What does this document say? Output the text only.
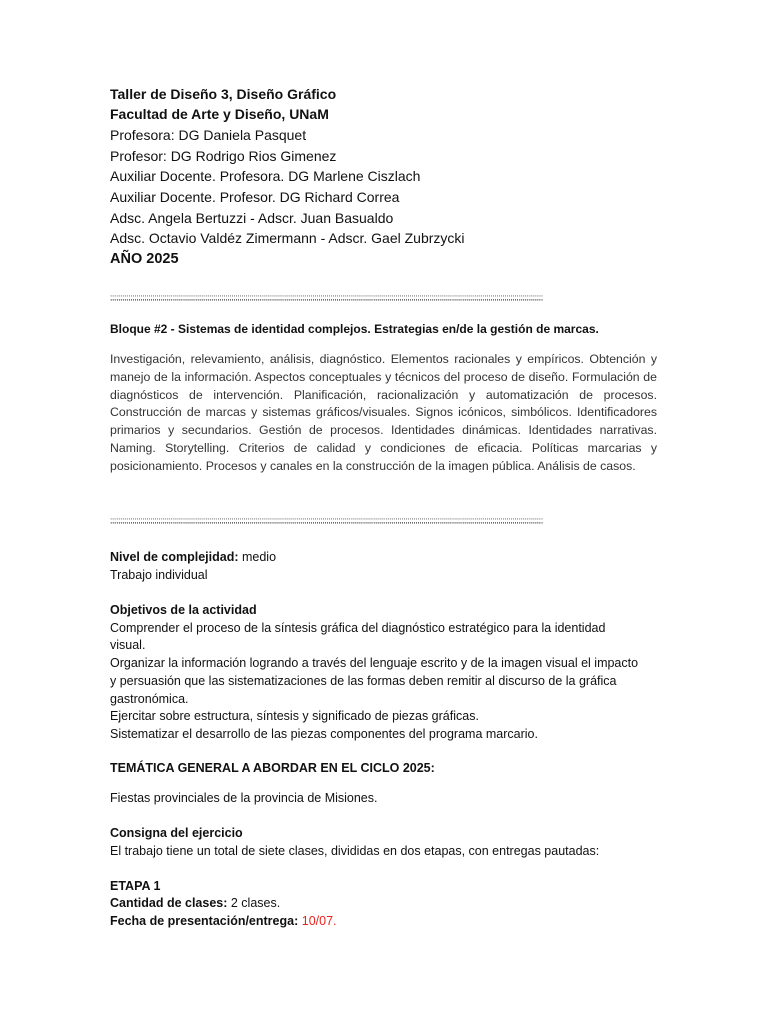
Taller de Diseño 3, Diseño Gráfico
Facultad de Arte y Diseño, UNaM
Profesora: DG Daniela Pasquet
Profesor: DG Rodrigo Rios Gimenez
Auxiliar Docente. Profesora. DG Marlene Ciszlach
Auxiliar Docente. Profesor. DG Richard Correa
Adsc. Angela Bertuzzi - Adscr. Juan Basualdo
Adsc. Octavio Valdéz Zimermann - Adscr. Gael Zubrzycki
AÑO 2025
;;;;;;;;;;;;;;;;;;;;;;;;;;;;;;;;;;;;;;;;;;;;;;;;;;;;;;;;;;;;;;;;;;;;;;;;;;;;;;;;;;;;;;;;;;;;;;;;;;;;;;;;;;;;;;;;;;;;;;;;;;;;;;;;;;;;;;;;;;;;;;;;;;;;;;;;;;;;;;;;;;;;;;;;;;;;;;;;;;;;;;;;;;;;;;;;;;;;;;;;;;;;;;;;;;;;;;
Bloque #2 - Sistemas de identidad complejos. Estrategias en/de la gestión de marcas.
Investigación, relevamiento, análisis, diagnóstico. Elementos racionales y empíricos. Obtención y manejo de la información. Aspectos conceptuales y técnicos del proceso de diseño. Formulación de diagnósticos de intervención. Planificación, racionalización y automatización de procesos. Construcción de marcas y sistemas gráficos/visuales. Signos icónicos, simbólicos. Identificadores primarios y secundarios. Gestión de procesos. Identidades dinámicas. Identidades narrativas. Naming. Storytelling. Criterios de calidad y condiciones de eficacia. Políticas marcarias y posicionamiento. Procesos y canales en la construcción de la imagen pública. Análisis de casos.
;;;;;;;;;;;;;;;;;;;;;;;;;;;;;;;;;;;;;;;;;;;;;;;;;;;;;;;;;;;;;;;;;;;;;;;;;;;;;;;;;;;;;;;;;;;;;;;;;;;;;;;;;;;;;;;;;;;;;;;;;;;;;;;;;;;;;;;;;;;;;;;;;;;;;;;;;;;;;;;;;;;;;;;;;;;;;;;;;;;;;;;;;;;;;;;;;;;;;;;;;;;;;;;;;;;;;;
Nivel de complejidad: medio
Trabajo individual
Objetivos de la actividad
Comprender el proceso de la síntesis gráfica del diagnóstico estratégico para la identidad
visual.
Organizar la información logrando a través del lenguaje escrito y de la imagen visual el impacto
y persuasión que las sistematizaciones de las formas deben remitir al discurso de la gráfica
gastronómica.
Ejercitar sobre estructura, síntesis y significado de piezas gráficas.
Sistematizar el desarrollo de las piezas componentes del programa marcario.
TEMÁTICA GENERAL A ABORDAR EN EL CICLO 2025:
Fiestas provinciales de la provincia de Misiones.
Consigna del ejercicio
El trabajo tiene un total de siete clases, divididas en dos etapas, con entregas pautadas:
ETAPA 1
Cantidad de clases: 2 clases.
Fecha de presentación/entrega: 10/07.
